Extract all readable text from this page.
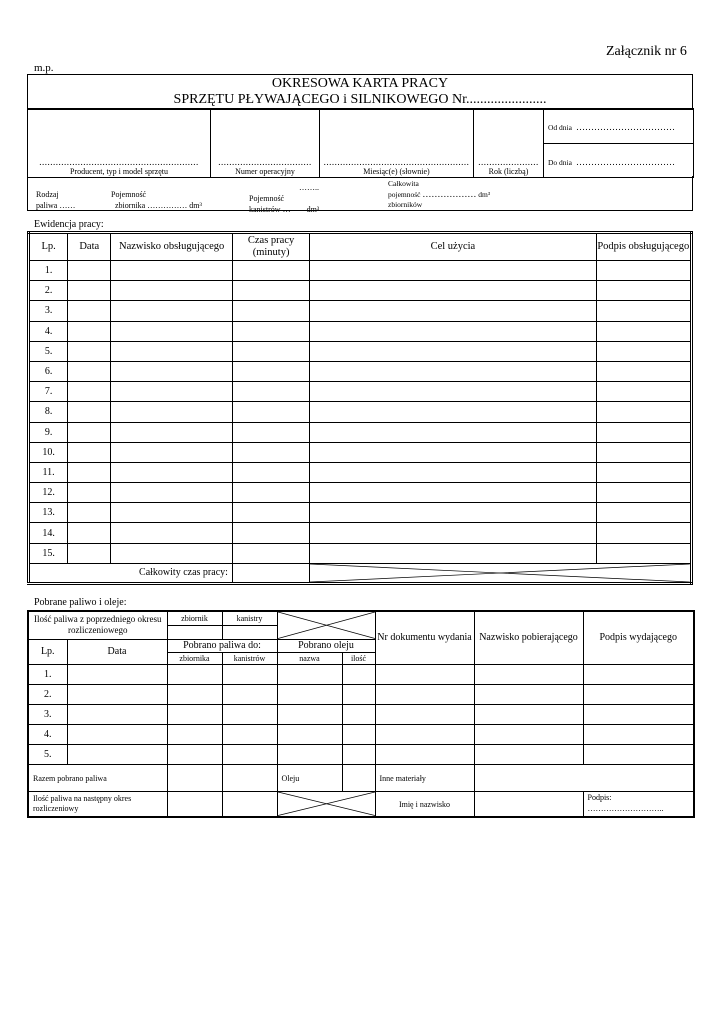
Załącznik nr 6
m.p.
OKRESOWA KARTA PRACY
SPRZĘTU PŁYWAJĄCEGO i SILNIKOWEGO Nr.......................
..........................................................
Producent, typ i model sprzętu

..................................
Numer operacyjny

.....................................................
Miesiąc(e) (słownie)

......................
Rok (liczbą)
	Od dnia ……………………………
Do dnia ……………………………
Rodzaj
paliwa ……
Pojemność
zbiornika …………… dm³
……..
Pojemność
kanistrów … dm³
Całkowita
pojemność ……………… dm³
zbiorników
Ewidencja pracy:
Lp.	Data	Nazwisko obsługującego	Czas pracy (minuty)	Cel użycia	Podpis obsługującego
1.					
2.					
3.					
4.					
5.					
6.					
7.					
8.					
9.					
10.					
11.					
12.					
13.					
14.					
15.					
Całkowity czas pracy:		
Pobrane paliwo i oleje:
Ilość paliwa z poprzedniego okresu rozliczeniowego		zbiornik	kanistry			Nr dokumentu wydania	Nazwisko pobierającego	Podpis wydającego

Lp.	Data	Pobrano paliwa do:		Pobrano oleju				
		zbiornika	kanistrów	nazwa	ilość			
1.								
2.								
3.								
4.								
5.								
Razem pobrano paliwa				Oleju		Inne materiały		
Ilość paliwa na następny okres rozliczeniowy						Imię i nazwisko		Podpis:
………………………..
